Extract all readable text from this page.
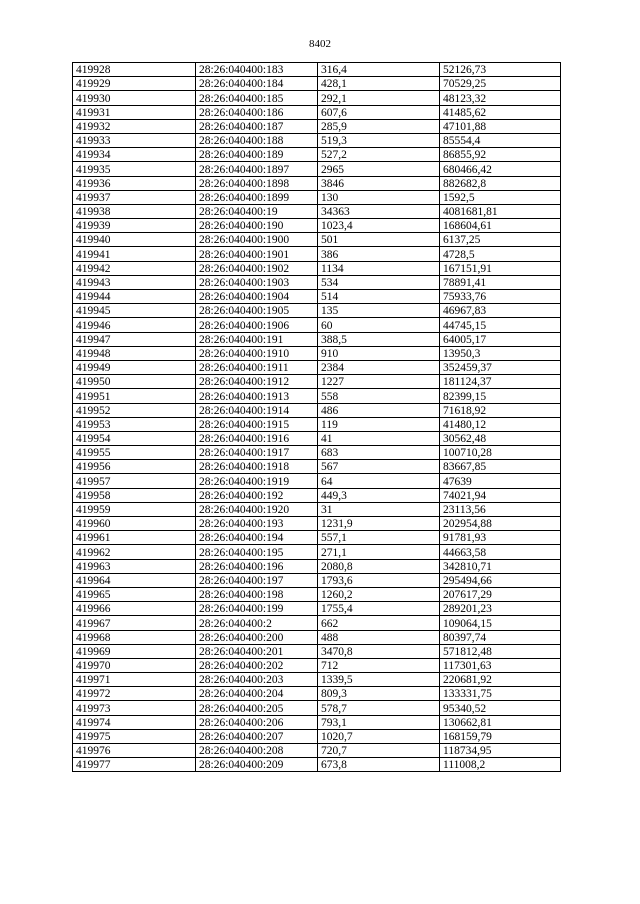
8402
419928	28:26:040400:183	316,4	52126,73
419929	28:26:040400:184	428,1	70529,25
419930	28:26:040400:185	292,1	48123,32
419931	28:26:040400:186	607,6	41485,62
419932	28:26:040400:187	285,9	47101,88
419933	28:26:040400:188	519,3	85554,4
419934	28:26:040400:189	527,2	86855,92
419935	28:26:040400:1897	2965	680466,42
419936	28:26:040400:1898	3846	882682,8
419937	28:26:040400:1899	130	1592,5
419938	28:26:040400:19	34363	4081681,81
419939	28:26:040400:190	1023,4	168604,61
419940	28:26:040400:1900	501	6137,25
419941	28:26:040400:1901	386	4728,5
419942	28:26:040400:1902	1134	167151,91
419943	28:26:040400:1903	534	78891,41
419944	28:26:040400:1904	514	75933,76
419945	28:26:040400:1905	135	46967,83
419946	28:26:040400:1906	60	44745,15
419947	28:26:040400:191	388,5	64005,17
419948	28:26:040400:1910	910	13950,3
419949	28:26:040400:1911	2384	352459,37
419950	28:26:040400:1912	1227	181124,37
419951	28:26:040400:1913	558	82399,15
419952	28:26:040400:1914	486	71618,92
419953	28:26:040400:1915	119	41480,12
419954	28:26:040400:1916	41	30562,48
419955	28:26:040400:1917	683	100710,28
419956	28:26:040400:1918	567	83667,85
419957	28:26:040400:1919	64	47639
419958	28:26:040400:192	449,3	74021,94
419959	28:26:040400:1920	31	23113,56
419960	28:26:040400:193	1231,9	202954,88
419961	28:26:040400:194	557,1	91781,93
419962	28:26:040400:195	271,1	44663,58
419963	28:26:040400:196	2080,8	342810,71
419964	28:26:040400:197	1793,6	295494,66
419965	28:26:040400:198	1260,2	207617,29
419966	28:26:040400:199	1755,4	289201,23
419967	28:26:040400:2	662	109064,15
419968	28:26:040400:200	488	80397,74
419969	28:26:040400:201	3470,8	571812,48
419970	28:26:040400:202	712	117301,63
419971	28:26:040400:203	1339,5	220681,92
419972	28:26:040400:204	809,3	133331,75
419973	28:26:040400:205	578,7	95340,52
419974	28:26:040400:206	793,1	130662,81
419975	28:26:040400:207	1020,7	168159,79
419976	28:26:040400:208	720,7	118734,95
419977	28:26:040400:209	673,8	111008,2
